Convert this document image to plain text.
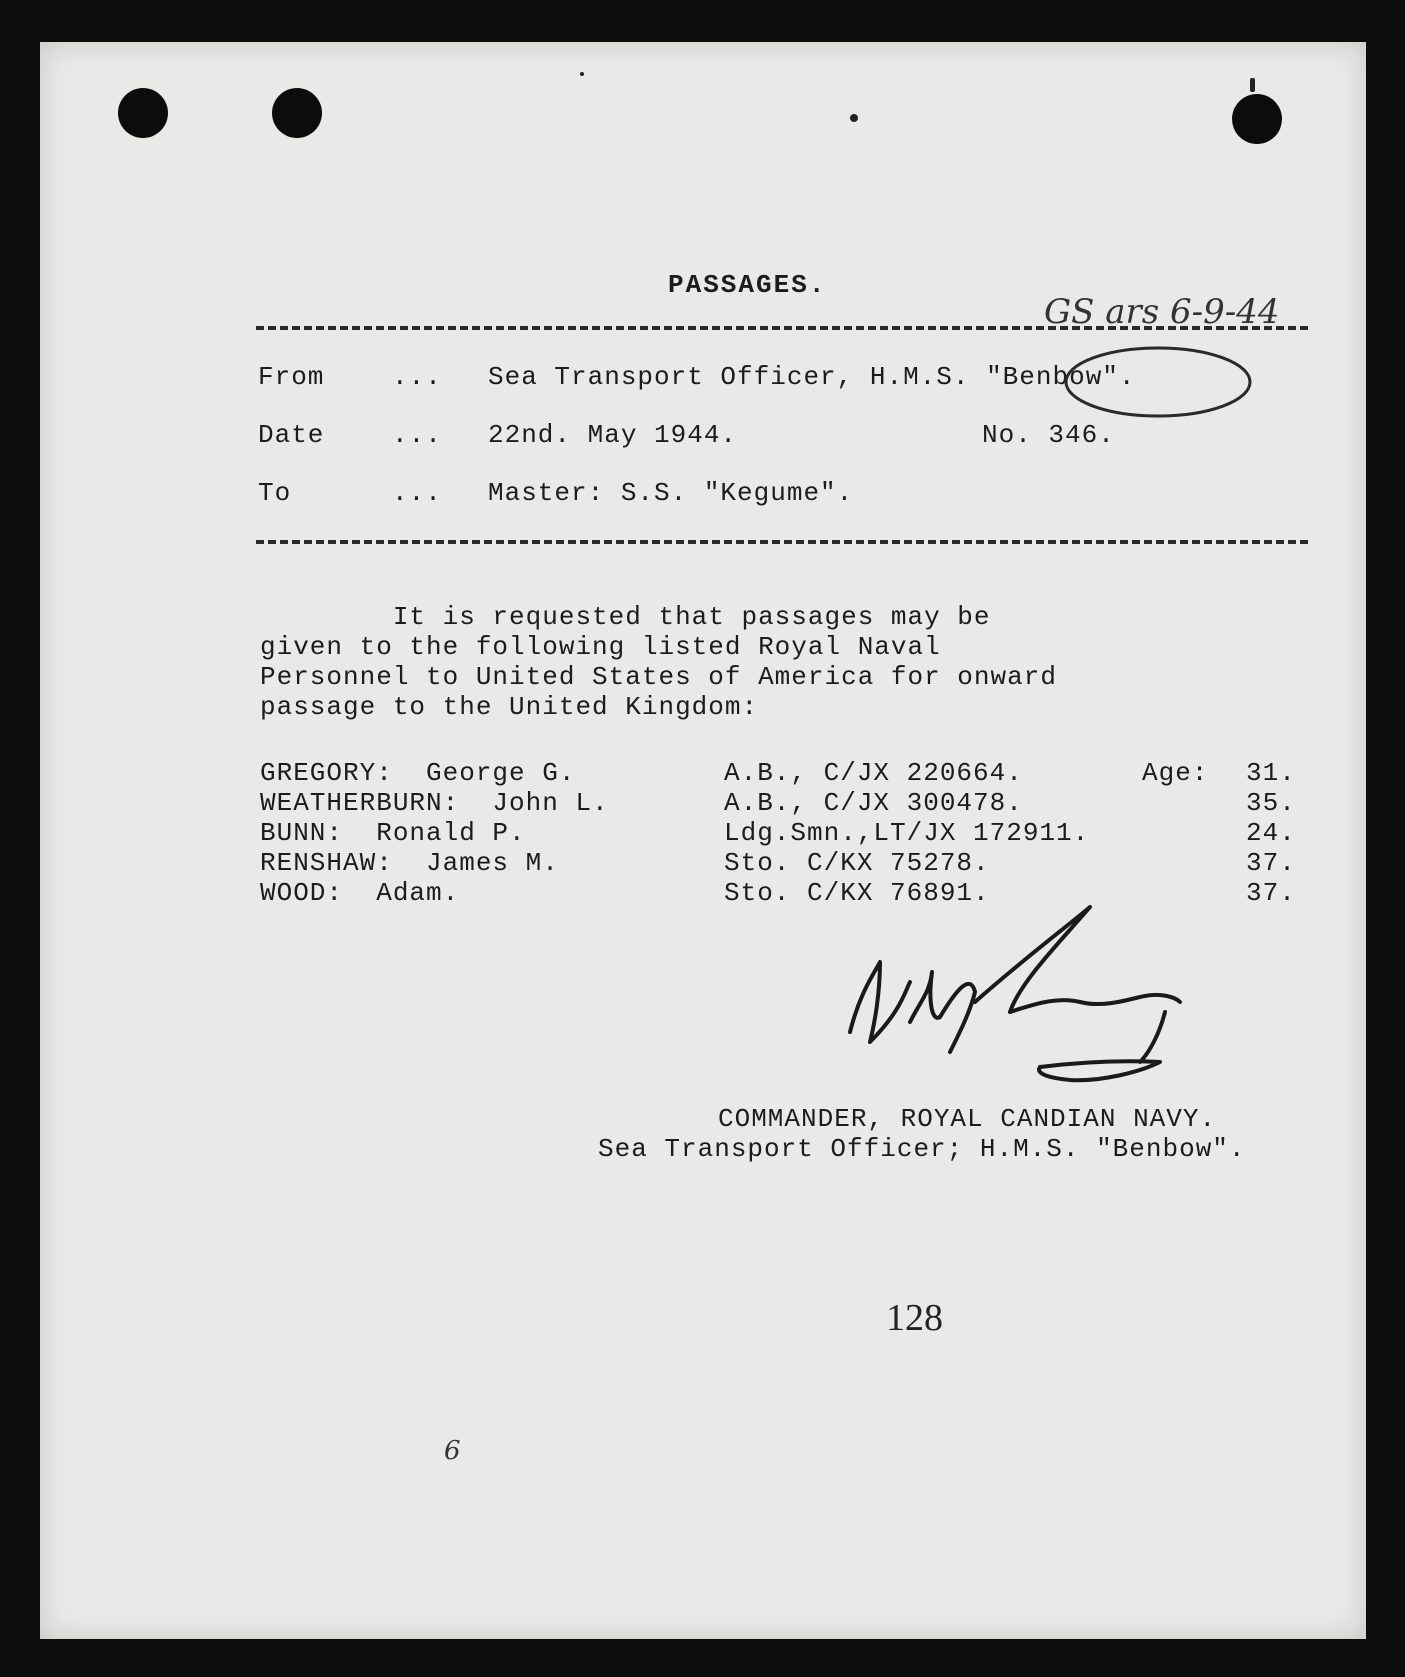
PASSAGES.
GS ars 6-9-44
From	... Sea Transport Officer, H.M.S. "Benbow".
Date	... 22nd. May 1944.	No. 346.
To	... Master: S.S. "Kegume".
It is requested that passages may be
given to the following listed Royal Naval
Personnel to United States of America for onward
passage to the United Kingdom:
GREGORY:  George G.	A.B., C/JX 220664.	Age: 31.
WEATHERBURN:  John L.	A.B., C/JX 300478.	35.
BUNN:  Ronald P.	Ldg.Smn.,LT/JX 172911.	24.
RENSHAW:  James M.	Sto. C/KX 75278.	37.
WOOD:  Adam.	Sto. C/KX 76891.	37.
COMMANDER, ROYAL CANDIAN NAVY.
Sea Transport Officer; H.M.S. "Benbow".
128
6
